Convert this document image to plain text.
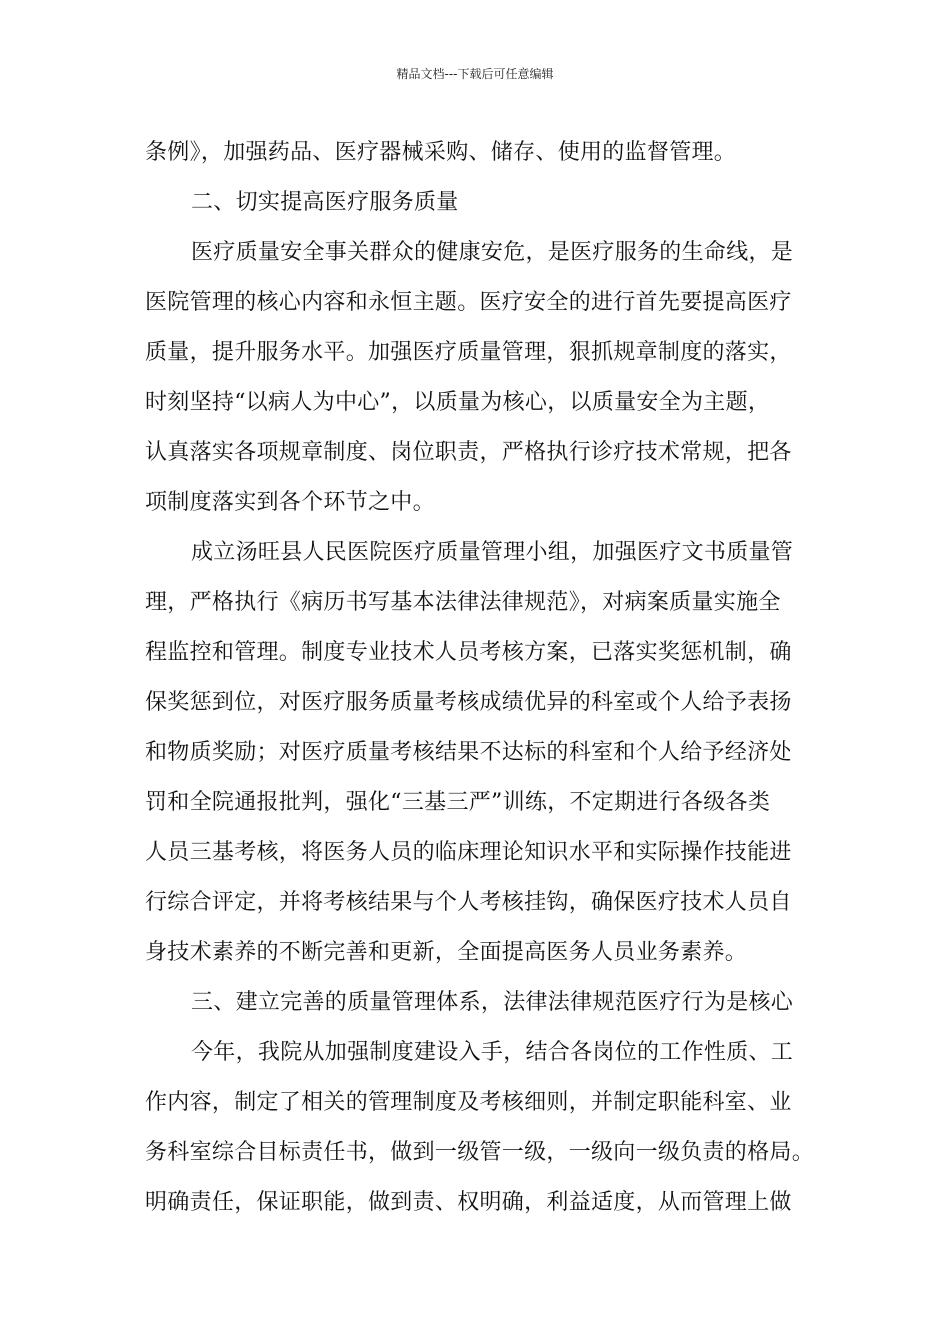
精品文档---下载后可任意编辑
条例》，加强药品、医疗器械采购、储存、使用的监督管理。
二、切实提高医疗服务质量
医疗质量安全事关群众的健康安危，是医疗服务的生命线，是
医院管理的核心内容和永恒主题。医疗安全的进行首先要提高医疗
质量，提升服务水平。加强医疗质量管理，狠抓规章制度的落实，
时刻坚持“以病人为中心”，以质量为核心，以质量安全为主题，
认真落实各项规章制度、岗位职责，严格执行诊疗技术常规，把各
项制度落实到各个环节之中。
成立汤旺县人民医院医疗质量管理小组，加强医疗文书质量管
理，严格执行《病历书写基本法律法律规范》，对病案质量实施全
程监控和管理。制度专业技术人员考核方案，已落实奖惩机制，确
保奖惩到位，对医疗服务质量考核成绩优异的科室或个人给予表扬
和物质奖励；对医疗质量考核结果不达标的科室和个人给予经济处
罚和全院通报批判，强化“三基三严”训练，不定期进行各级各类
人员三基考核，将医务人员的临床理论知识水平和实际操作技能进
行综合评定，并将考核结果与个人考核挂钩，确保医疗技术人员自
身技术素养的不断完善和更新，全面提高医务人员业务素养。
三、建立完善的质量管理体系，法律法律规范医疗行为是核心
今年，我院从加强制度建设入手，结合各岗位的工作性质、工
作内容，制定了相关的管理制度及考核细则，并制定职能科室、业
务科室综合目标责任书，做到一级管一级，一级向一级负责的格局。
明确责任，保证职能，做到责、权明确，利益适度，从而管理上做
